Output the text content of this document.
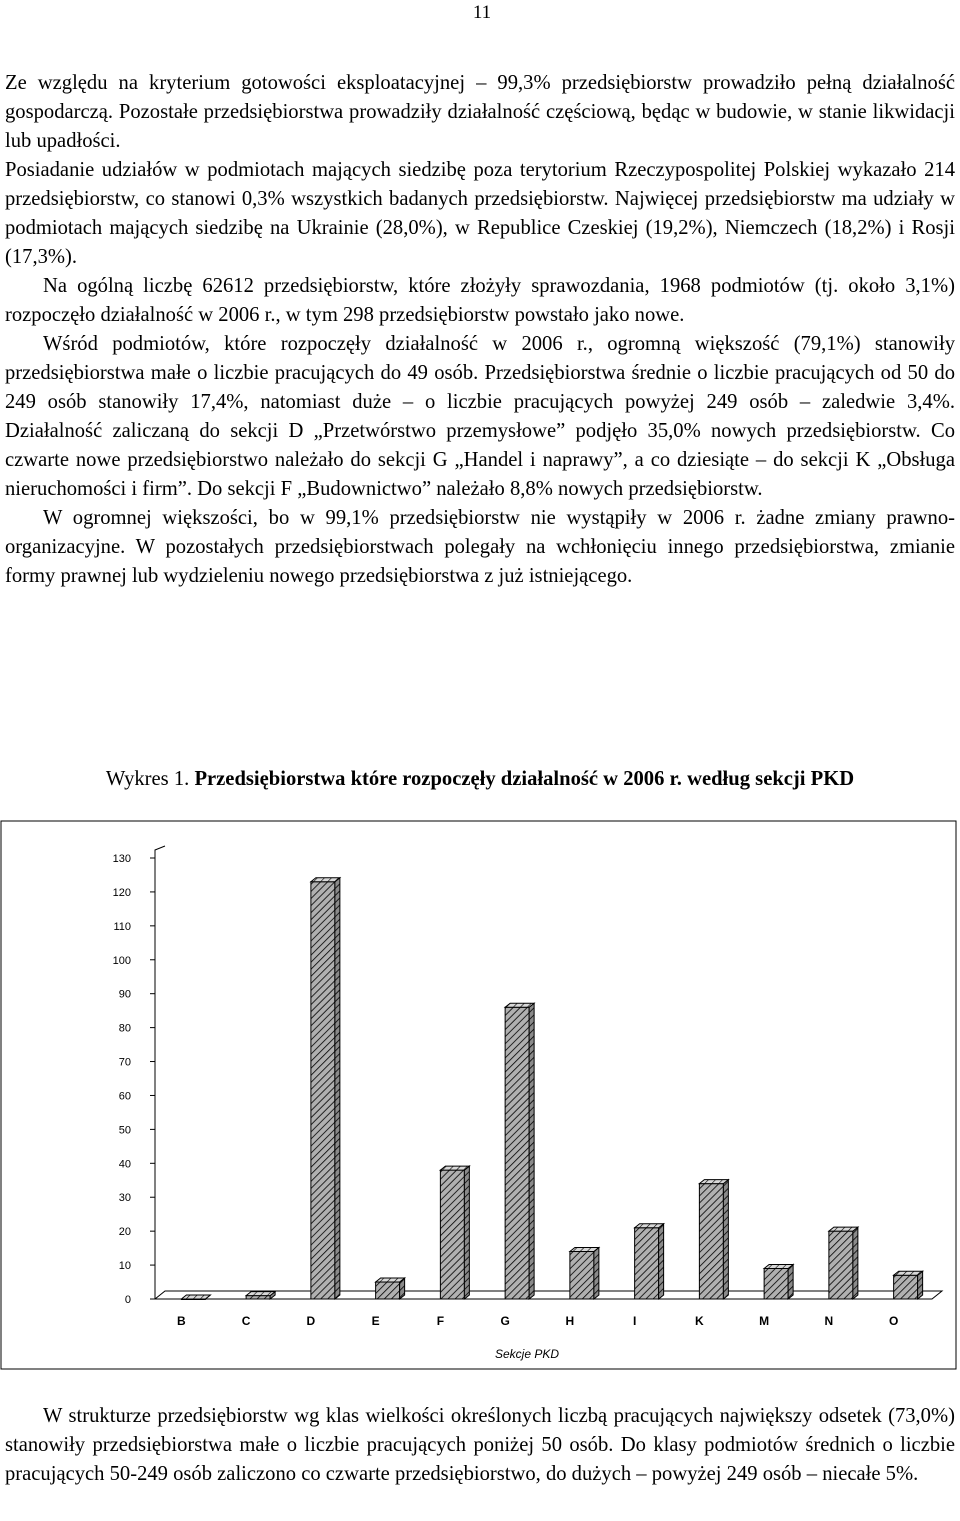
11

Ze względu na kryterium gotowości eksploatacyjnej – 99,3% przedsiębiorstw prowadziło pełną działalność gospodarczą. Pozostałe przedsiębiorstwa prowadziły działalność częściową, będąc w budowie, w stanie likwidacji lub upadłości.

Posiadanie udziałów w podmiotach mających siedzibę poza terytorium Rzeczypospolitej Polskiej wykazało 214 przedsiębiorstw, co stanowi 0,3% wszystkich badanych przedsiębiorstw. Najwięcej przedsiębiorstw ma udziały w podmiotach mających siedzibę na Ukrainie (28,0%), w Republice Czeskiej (19,2%), Niemczech (18,2%) i Rosji (17,3%).

Na ogólną liczbę 62612 przedsiębiorstw, które złożyły sprawozdania, 1968 podmiotów (tj. około 3,1%) rozpoczęło działalność w 2006 r., w tym 298 przedsiębiorstw powstało jako nowe.

Wśród podmiotów, które rozpoczęły działalność w 2006 r., ogromną większość (79,1%) stanowiły przedsiębiorstwa małe o liczbie pracujących do 49 osób. Przedsiębiorstwa średnie o liczbie pracujących od 50 do 249 osób stanowiły 17,4%, natomiast duże – o liczbie pracujących powyżej 249 osób – zaledwie 3,4%. Działalność zaliczaną do sekcji D „Przetwórstwo przemysłowe” podjęło 35,0% nowych przedsiębiorstw. Co czwarte nowe przedsiębiorstwo należało do sekcji G „Handel i naprawy”, a co dziesiąte – do sekcji K „Obsługa nieruchomości i firm”. Do sekcji F „Budownictwo” należało 8,8% nowych przedsiębiorstw.

W ogromnej większości, bo w 99,1% przedsiębiorstw nie wystąpiły w 2006 r. żadne zmiany prawno-organizacyjne. W pozostałych przedsiębiorstwach polegały na wchłonięciu innego przedsiębiorstwa, zmianie formy prawnej lub wydzieleniu nowego przedsiębiorstwa z już istniejącego.

Wykres 1. Przedsiębiorstwa które rozpoczęły działalność w 2006 r. według sekcji PKD
0
10
20
30
40
50
60
70
80
90
100
110
120
130
B	C	D	E	F	G	H	I	K	M	N	O
Sekcje PKD

W strukturze przedsiębiorstw wg klas wielkości określonych liczbą pracujących największy odsetek (73,0%) stanowiły przedsiębiorstwa małe o liczbie pracujących poniżej 50 osób. Do klasy podmiotów średnich o liczbie pracujących 50-249 osób zaliczono co czwarte przedsiębiorstwo, do dużych – powyżej 249 osób – niecałe 5%.
